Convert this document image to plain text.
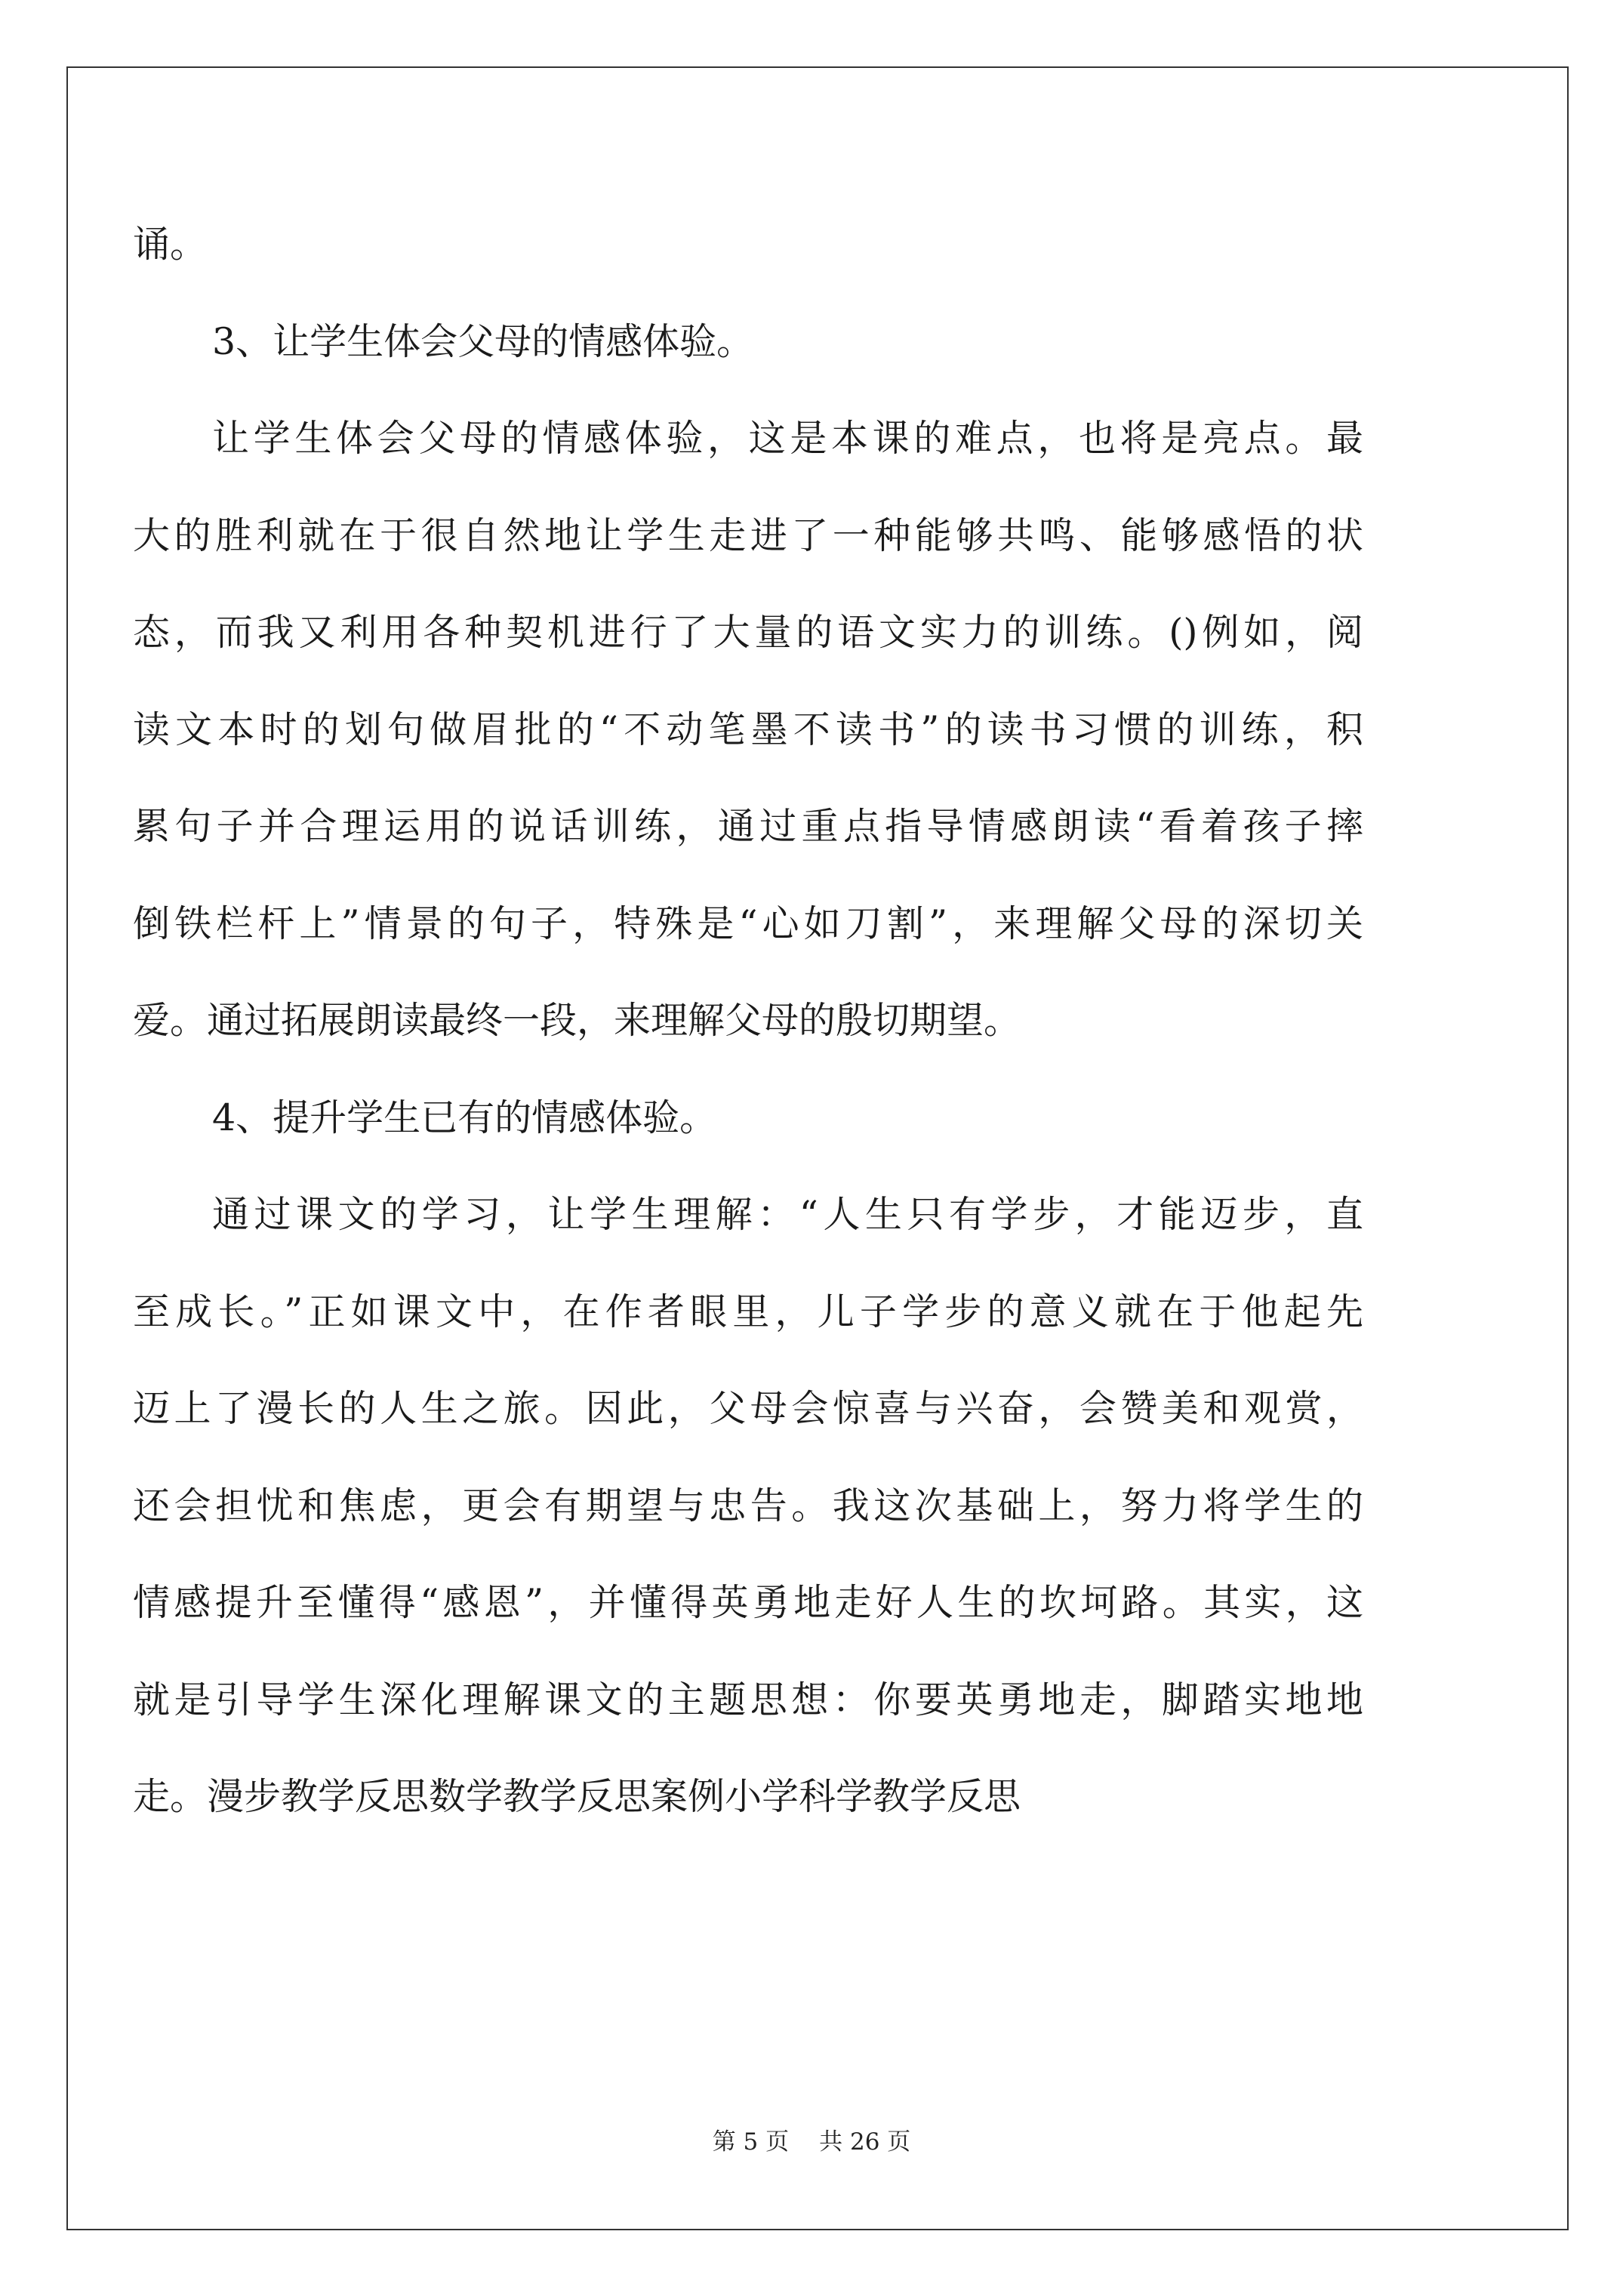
诵。
3、让学生体会父母的情感体验。
让学生体会父母的情感体验，这是本课的难点，也将是亮点。最
大的胜利就在于很自然地让学生走进了一种能够共鸣、能够感悟的状
态，而我又利用各种契机进行了大量的语文实力的训练。()例如，阅
读文本时的划句做眉批的“不动笔墨不读书”的读书习惯的训练，积
累句子并合理运用的说话训练，通过重点指导情感朗读“看着孩子摔
倒铁栏杆上”情景的句子，特殊是“心如刀割”，来理解父母的深切关
爱。通过拓展朗读最终一段，来理解父母的殷切期望。
4、提升学生已有的情感体验。
通过课文的学习，让学生理解：“人生只有学步，才能迈步，直
至成长。”正如课文中，在作者眼里，儿子学步的意义就在于他起先
迈上了漫长的人生之旅。因此，父母会惊喜与兴奋，会赞美和观赏，
还会担忧和焦虑，更会有期望与忠告。我这次基础上，努力将学生的
情感提升至懂得“感恩”，并懂得英勇地走好人生的坎坷路。其实，这
就是引导学生深化理解课文的主题思想：你要英勇地走，脚踏实地地
走。漫步教学反思数学教学反思案例小学科学教学反思
第 5 页 共 26 页
